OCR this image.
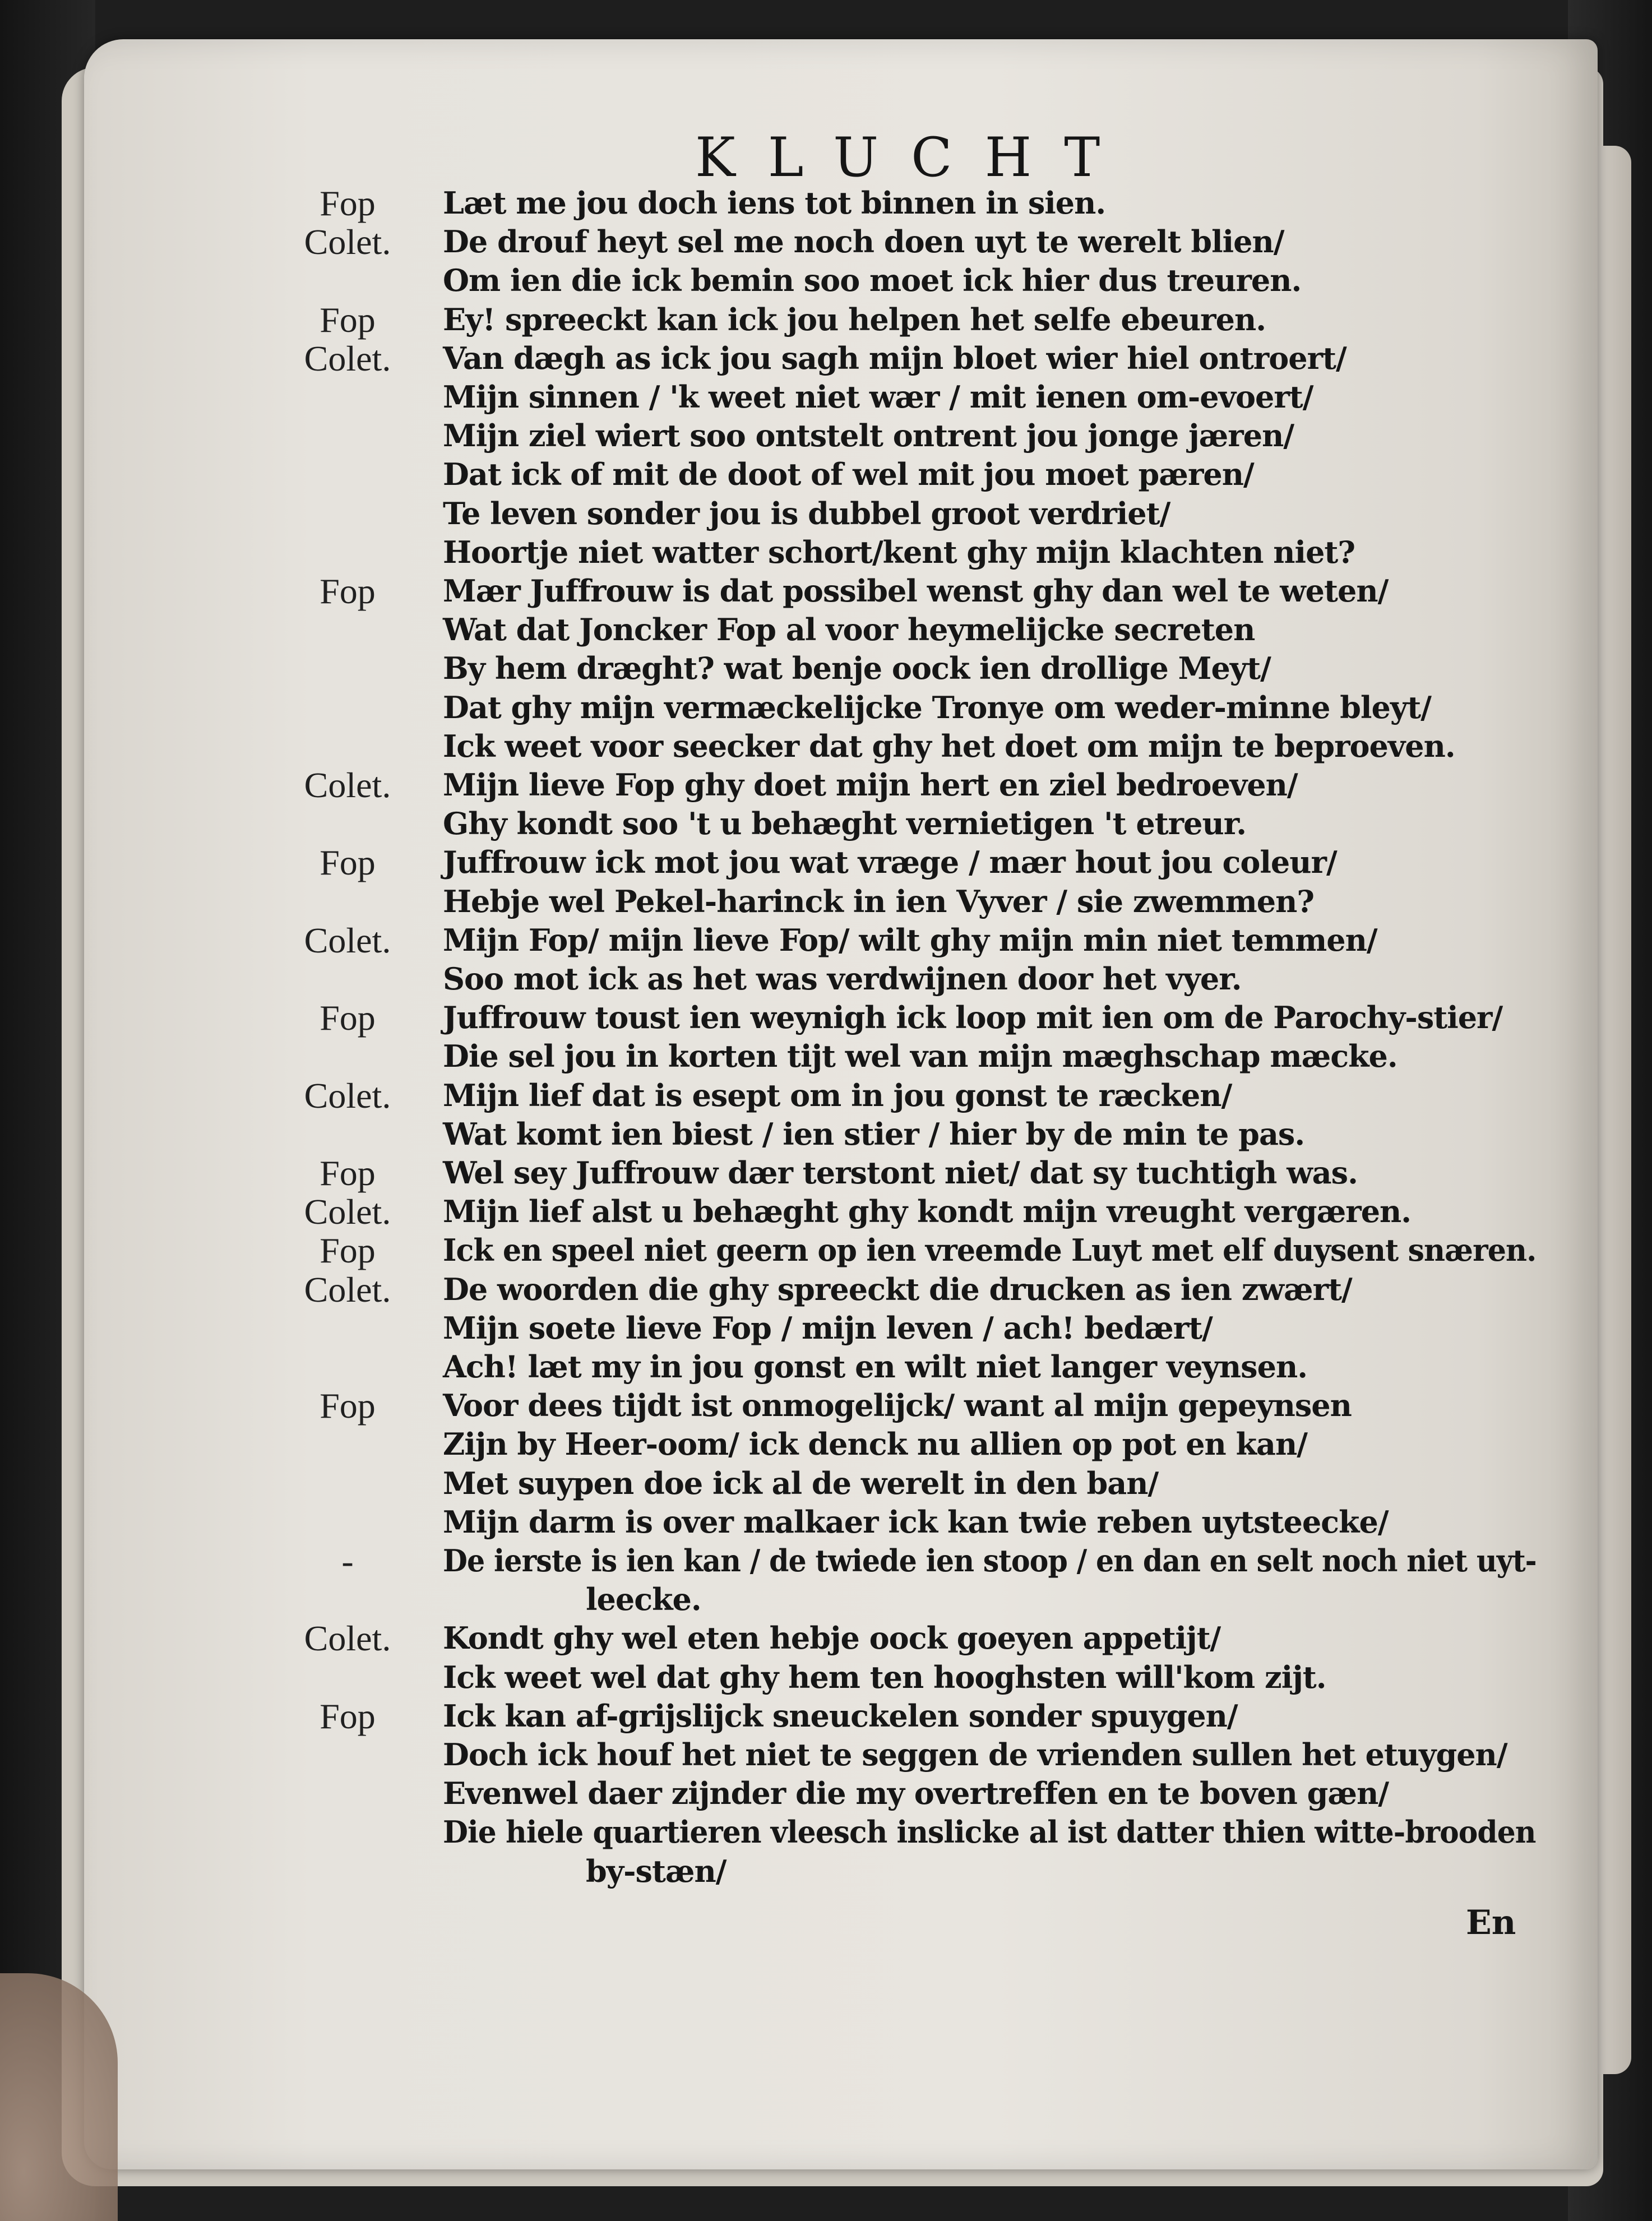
KLUCHT
Fop	Læt me jou doch iens tot binnen in sien.
Colet.	De drouf heyt sel me noch doen uyt te werelt blien/
Om ien die ick bemin soo moet ick hier dus treuren.
Fop	Ey! spreeckt kan ick jou helpen het selfe ebeuren.
Colet.	Van dægh as ick jou sagh mijn bloet wier hiel ontroert/
Mijn sinnen / 'k weet niet wær / mit ienen om-evoert/
Mijn ziel wiert soo ontstelt ontrent jou jonge jæren/
Dat ick of mit de doot of wel mit jou moet pæren/
Te leven sonder jou is dubbel groot verdriet/
Hoortje niet watter schort/kent ghy mijn klachten niet?
Fop	Mær Juffrouw is dat possibel wenst ghy dan wel te weten/
Wat dat Joncker Fop al voor heymelijcke secreten
By hem dræght? wat benje oock ien drollige Meyt/
Dat ghy mijn vermæckelijcke Tronye om weder-minne bleyt/
Ick weet voor seecker dat ghy het doet om mijn te beproeven.
Colet.	Mijn lieve Fop ghy doet mijn hert en ziel bedroeven/
Ghy kondt soo 't u behæght vernietigen 't etreur.
Fop	Juffrouw ick mot jou wat vræge / mær hout jou coleur/
Hebje wel Pekel-harinck in ien Vyver / sie zwemmen?
Colet.	Mijn Fop/ mijn lieve Fop/ wilt ghy mijn min niet temmen/
Soo mot ick as het was verdwijnen door het vyer.
Fop	Juffrouw toust ien weynigh ick loop mit ien om de Parochy-stier/
Die sel jou in korten tijt wel van mijn mæghschap mæcke.
Colet.	Mijn lief dat is esept om in jou gonst te ræcken/
Wat komt ien biest / ien stier / hier by de min te pas.
Fop	Wel sey Juffrouw dær terstont niet/ dat sy tuchtigh was.
Colet.	Mijn lief alst u behæght ghy kondt mijn vreught vergæren.
Fop	Ick en speel niet geern op ien vreemde Luyt met elf duysent snæren.
Colet.	De woorden die ghy spreeckt die drucken as ien zwært/
Mijn soete lieve Fop / mijn leven / ach! bedært/
Ach! læt my in jou gonst en wilt niet langer veynsen.
Fop	Voor dees tijdt ist onmogelijck/ want al mijn gepeynsen
Zijn by Heer-oom/ ick denck nu allien op pot en kan/
Met suypen doe ick al de werelt in den ban/
Mijn darm is over malkaer ick kan twie reben uytsteecke/
-	De ierste is ien kan / de twiede ien stoop / en dan en selt noch niet uyt-
leecke.
Colet.	Kondt ghy wel eten hebje oock goeyen appetijt/
Ick weet wel dat ghy hem ten hooghsten will'kom zijt.
Fop	Ick kan af-grijslijck sneuckelen sonder spuygen/
Doch ick houf het niet te seggen de vrienden sullen het etuygen/
Evenwel daer zijnder die my overtreffen en te boven gæn/
Die hiele quartieren vleesch inslicke al ist datter thien witte-brooden
by-stæn/
En
